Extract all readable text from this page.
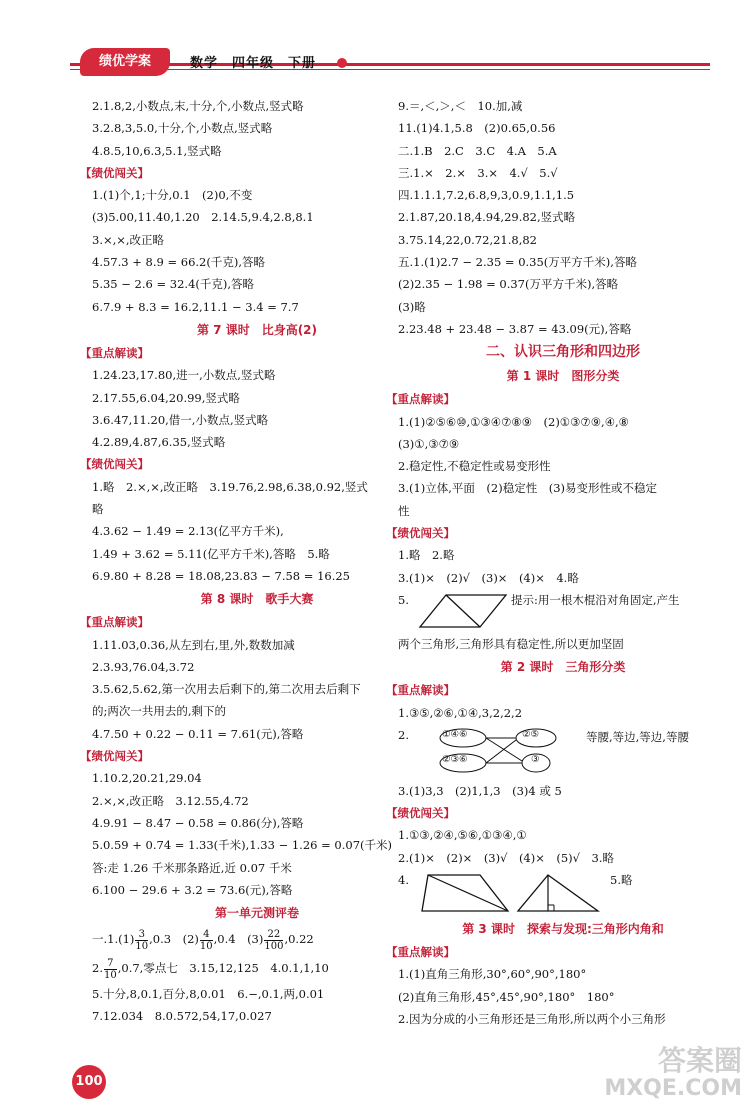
绩优学案	数学　四年级　下册
2.1.8,2,小数点,末,十分,个,小数点,竖式略
3.2.8,3,5.0,十分,个,小数点,竖式略
4.8.5,10,6.3,5.1,竖式略
【绩优闯关】
1.(1)个,1;十分,0.1　(2)0,不变
(3)5.00,11.40,1.20　2.14.5,9.4,2.8,8.1
3.×,×,改正略
4.57.3 + 8.9 = 66.2(千克),答略
5.35 − 2.6 = 32.4(千克),答略
6.7.9 + 8.3 = 16.2,11.1 − 3.4 = 7.7
第 7 课时　比身高(2)
【重点解读】
1.24.23,17.80,进一,小数点,竖式略
2.17.55,6.04,20.99,竖式略
3.6.47,11.20,借一,小数点,竖式略
4.2.89,4.87,6.35,竖式略
【绩优闯关】
1.略　2.×,×,改正略　3.19.76,2.98,6.38,0.92,竖式
略
4.3.62 − 1.49 = 2.13(亿平方千米),
1.49 + 3.62 = 5.11(亿平方千米),答略　5.略
6.9.80 + 8.28 = 18.08,23.83 − 7.58 = 16.25
第 8 课时　歌手大赛
【重点解读】
1.11.03,0.36,从左到右,里,外,数数加减
2.3.93,76.04,3.72
3.5.62,5.62,第一次用去后剩下的,第二次用去后剩下
的;两次一共用去的,剩下的
4.7.50 + 0.22 − 0.11 = 7.61(元),答略
【绩优闯关】
1.10.2,20.21,29.04
2.×,×,改正略　3.12.55,4.72
4.9.91 − 8.47 − 0.58 = 0.86(分),答略
5.0.59 + 0.74 = 1.33(千米),1.33 − 1.26 = 0.07(千米)
答:走 1.26 千米那条路近,近 0.07 千米
6.100 − 29.6 + 3.2 = 73.6(元),答略
第一单元测评卷
一$.1.(1) \frac{3}{10} ,0.3$　$(2) \frac{4}{10} ,0.4$　$(3) \frac{22}{100} ,0.22$
2. $\frac{7}{10} ,0.7$,零点七　3.15,12,125　4.0.1,1,10
5.十分,8,0.1,百分,8,0.01　6.−,0.1,两,0.01
7.12.034　8.0.572,54,17,0.027
9.＝,＜,＞,＜　10.加,减
11.(1)4.1,5.8　(2)0.65,0.56
二.1.B　2.C　3.C　4.A　5.A
三.1.×　2.×　3.×　4.√　5.√
四.1.1.1,7.2,6.8,9,3,0.9,1.1,1.5
2.1.87,20.18,4.94,29.82,竖式略
3.75.14,22,0.72,21.8,82
五.1.(1)2.7 − 2.35 = 0.35(万平方千米),答略
(2)2.35 − 1.98 = 0.37(万平方千米),答略
(3)略
2.23.48 + 23.48 − 3.87 = 43.09(元),答略
二、认识三角形和四边形
第 1 课时　图形分类
【重点解读】
1.(1)②⑤⑥⑩,①③④⑦⑧⑨　(2)①③⑦⑨,④,⑧
(3)①,③⑦⑨
2.稳定性,不稳定性或易变形性
3.(1)立体,平面　(2)稳定性　(3)易变形性或不稳定
性
【绩优闯关】
1.略　2.略
3.(1)×　(2)√　(3)×　(4)×　4.略
5.	提示:用一根木棍沿对角固定,产生
两个三角形,三角形具有稳定性,所以更加坚固
第 2 课时　三角形分类
【重点解读】
1.③⑤,②⑥,①④,3,2,2,2
2.	①④⑥
②③⑥
②⑤
③
等腰,等边,等边,等腰
3.(1)3,3　(2)1,1,3　(3)4 或 5
【绩优闯关】
1.①③,②④,⑤⑥,①③④,①
2.(1)×　(2)×　(3)√　(4)×　(5)√　3.略
4.	5.略
第 3 课时　探索与发现:三角形内角和
【重点解读】
1.(1)直角三角形,30°,60°,90°,180°
(2)直角三角形,45°,45°,90°,180°　180°
2.因为分成的小三角形还是三角形,所以两个小三角形
100
答案圈
MXQE.COM
